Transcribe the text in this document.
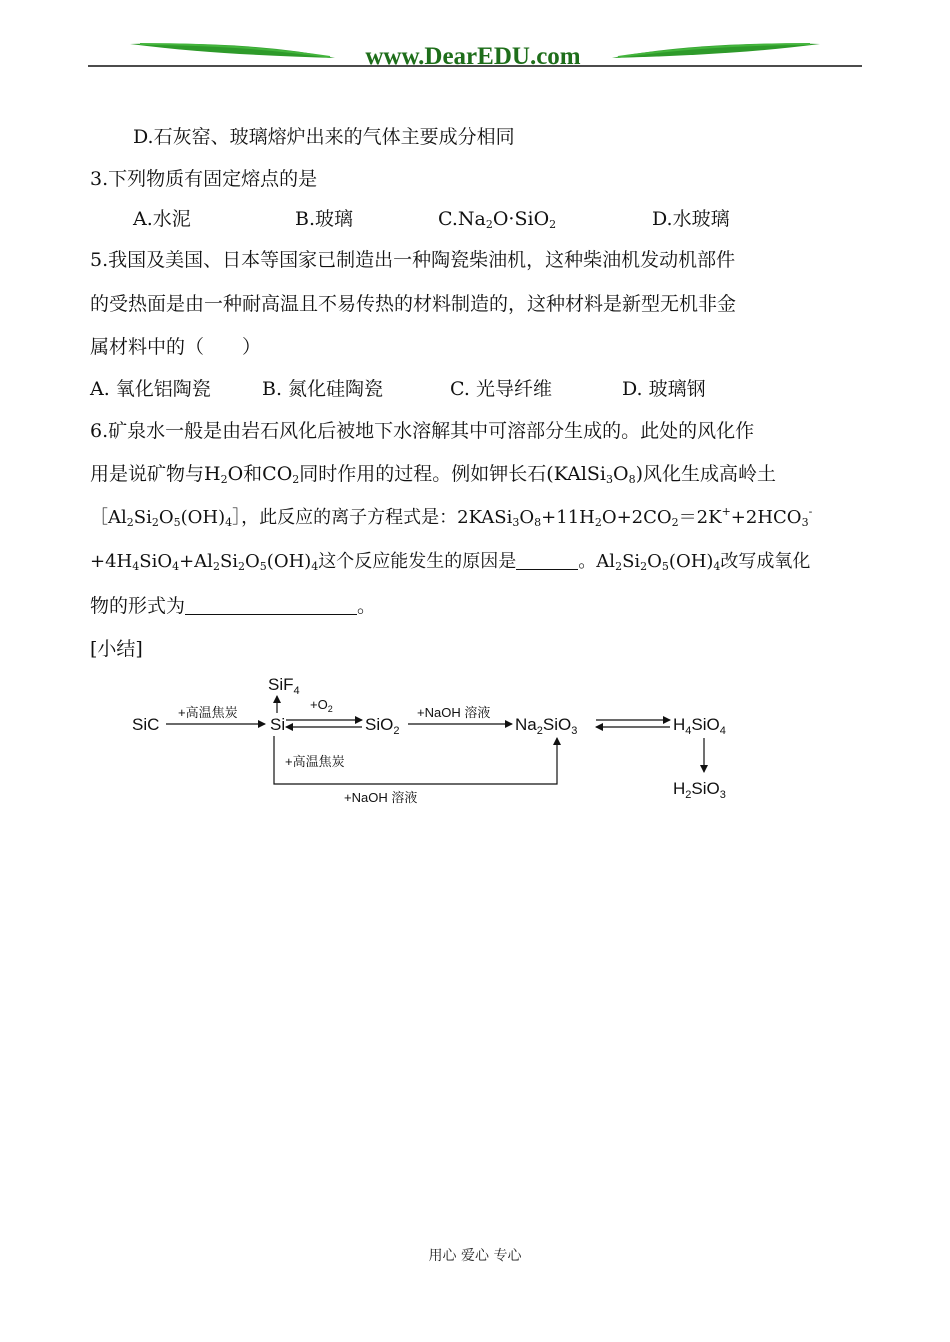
www.DearEDU.com
D.石灰窑、玻璃熔炉出来的气体主要成分相同
3.下列物质有固定熔点的是
A.水泥	B.玻璃	$C.Na_2O\cdot SiO_2$	D.水玻璃
5.我国及美国、日本等国家已制造出一种陶瓷柴油机，这种柴油机发动机部件
的受热面是由一种耐高温且不易传热的材料制造的，这种材料是新型无机非金
属材料中的（　　）
A. 氧化铝陶瓷	B. 氮化硅陶瓷	C. 光导纤维	D. 玻璃钢
6.矿泉水一般是由岩石风化后被地下水溶解其中可溶部分生成的。此处的风化作
用是说矿物与$H_2O$和$CO_2$同时作用的过程。例如钾长石$(KAlSi_3O_8)$风化生成高岭土
$[Al_2Si_2O_5(OH)_4]$，此反应的离子方程式是：$2KASi_3O_8+11H_2O+2CO_2=2K^++2HCO_3^-$
$+4H_4SiO_4+Al_2Si_2O_5(OH)_4$这个反应能发生的原因是	。$Al_2Si_2O_5(OH)_4$改写成氧化
物的形式为	。
[小结]
SiC	Si
SiF$_4$
SiO$_2$	$Na_2SiO_3$	$H_4SiO_4$
$H_2SiO_3$
+高温焦炭
$+O_2$	+NaOH 溶液
+高温焦炭
+NaOH 溶液
用心 爱心 专心
